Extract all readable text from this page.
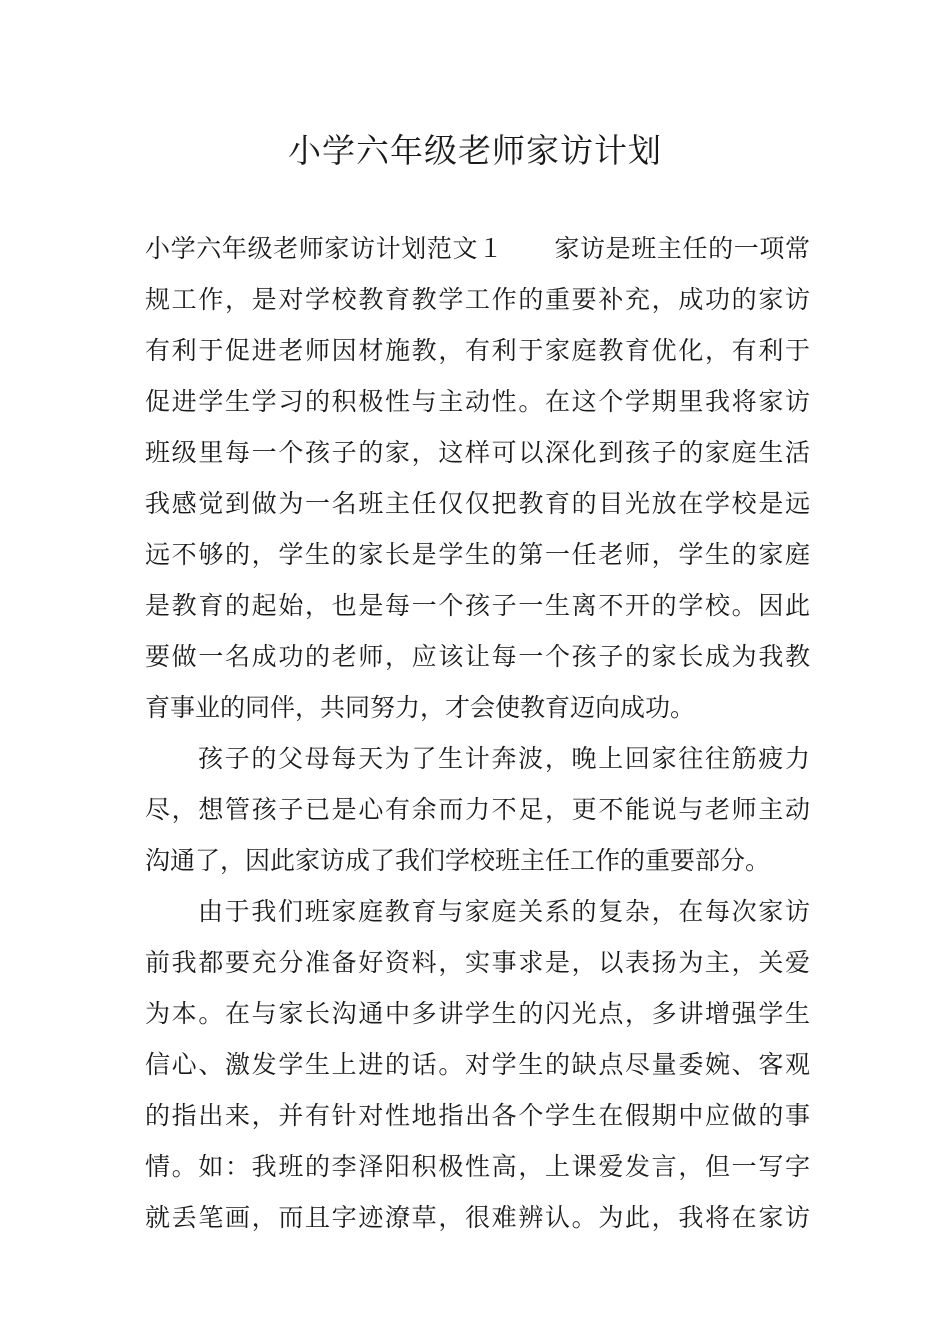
小学六年级老师家访计划
小学六年级老师家访计划范文１ 家访是班主任的一项常
规工作，是对学校教育教学工作的重要补充，成功的家访
有利于促进老师因材施教，有利于家庭教育优化，有利于
促进学生学习的积极性与主动性。在这个学期里我将家访
班级里每一个孩子的家，这样可以深化到孩子的家庭生活
我感觉到做为一名班主任仅仅把教育的目光放在学校是远
远不够的，学生的家长是学生的第一任老师，学生的家庭
是教育的起始，也是每一个孩子一生离不开的学校。因此
要做一名成功的老师，应该让每一个孩子的家长成为我教
育事业的同伴，共同努力，才会使教育迈向成功。
孩子的父母每天为了生计奔波，晚上回家往往筋疲力
尽，想管孩子已是心有余而力不足，更不能说与老师主动
沟通了，因此家访成了我们学校班主任工作的重要部分。
由于我们班家庭教育与家庭关系的复杂，在每次家访
前我都要充分准备好资料，实事求是，以表扬为主，关爱
为本。在与家长沟通中多讲学生的闪光点，多讲增强学生
信心、激发学生上进的话。对学生的缺点尽量委婉、客观
的指出来，并有针对性地指出各个学生在假期中应做的事
情。如：我班的李泽阳积极性高，上课爱发言，但一写字
就丢笔画，而且字迹潦草，很难辨认。为此，我将在家访
